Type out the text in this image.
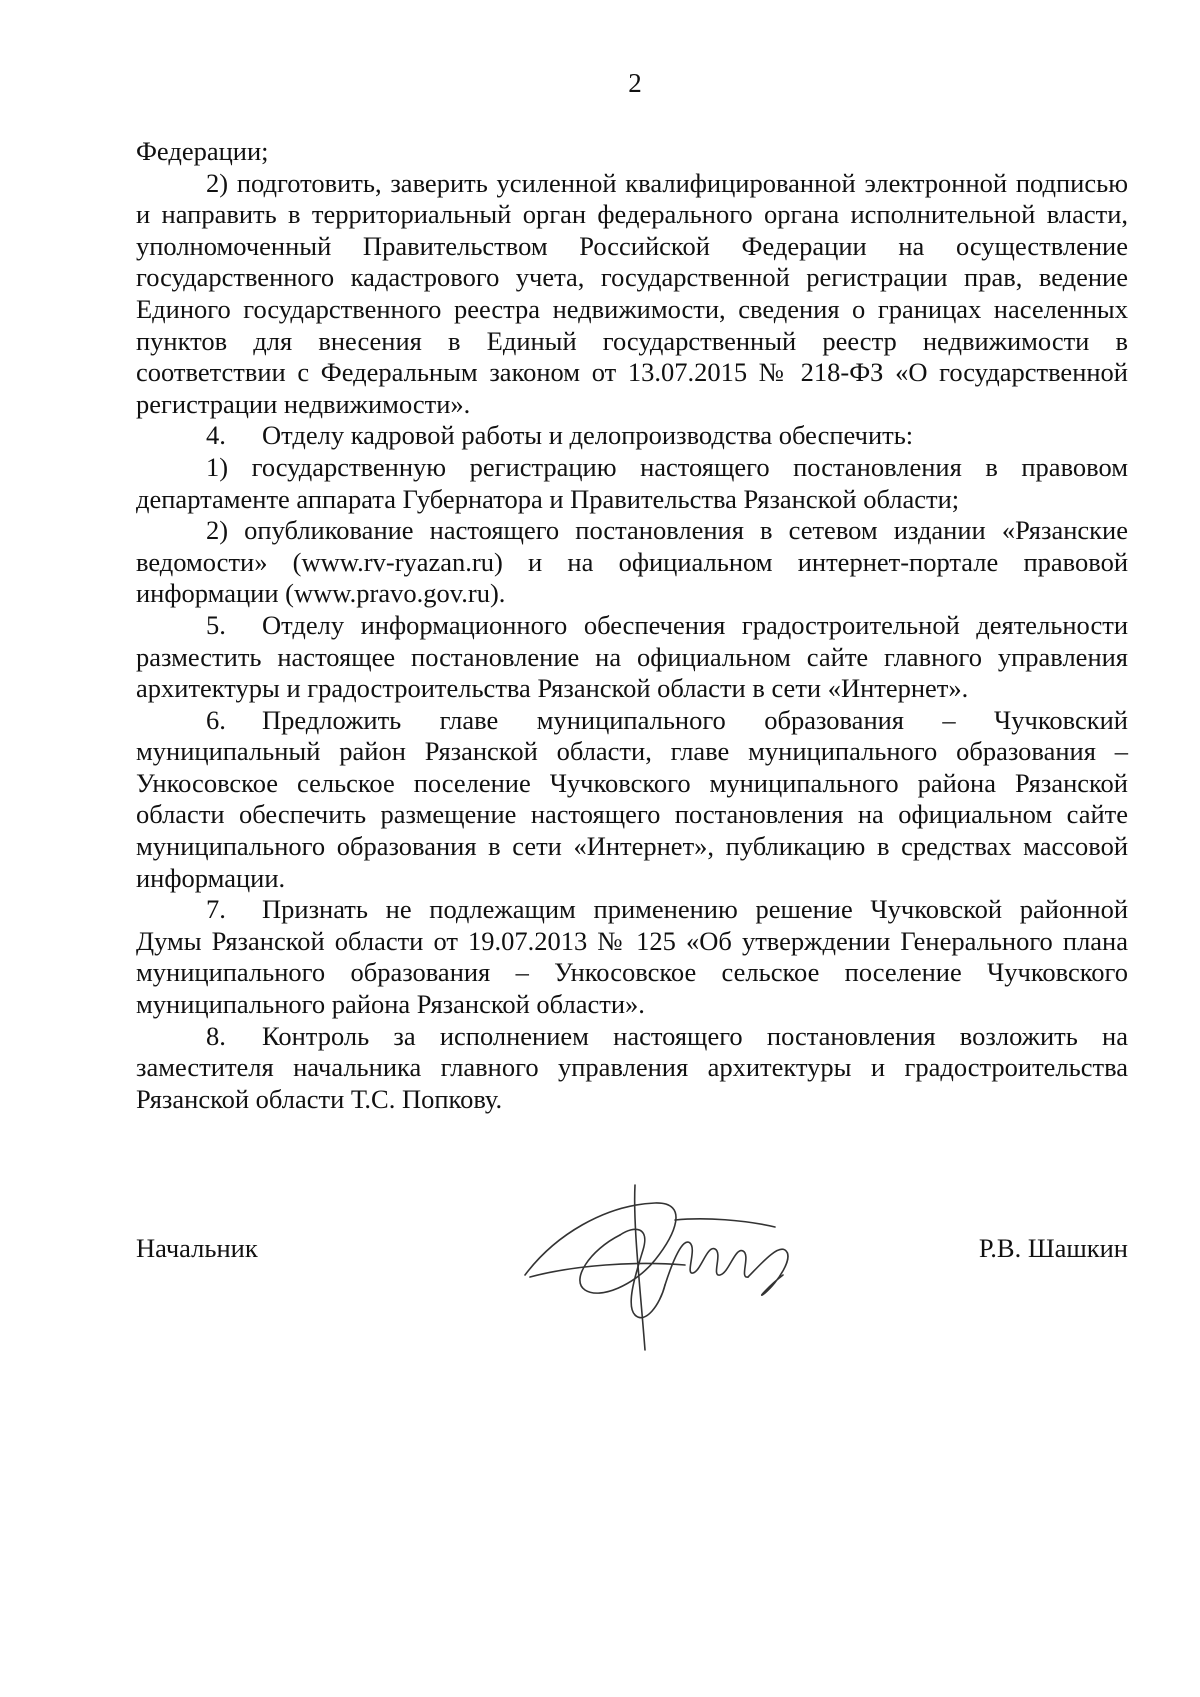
2

Федерации;

2) подготовить, заверить усиленной квалифицированной электронной подписью и направить в территориальный орган федерального органа исполнительной власти, уполномоченный Правительством Российской Федерации на осуществление государственного кадастрового учета, государственной регистрации прав, ведение Единого государственного реестра недвижимости, сведения о границах населенных пунктов для внесения в Единый государственный реестр недвижимости в соответствии с Федеральным законом от 13.07.2015 № 218-ФЗ «О государственной регистрации недвижимости».

4. Отделу кадровой работы и делопроизводства обеспечить:

1) государственную регистрацию настоящего постановления в правовом департаменте аппарата Губернатора и Правительства Рязанской области;

2) опубликование настоящего постановления в сетевом издании «Рязанские ведомости» (www.rv-ryazan.ru) и на официальном интернет-портале правовой информации (www.pravo.gov.ru).

5. Отделу информационного обеспечения градостроительной деятельности разместить настоящее постановление на официальном сайте главного управления архитектуры и градостроительства Рязанской области в сети «Интернет».

6. Предложить главе муниципального образования – Чучковский муниципальный район Рязанской области, главе муниципального образования – Ункосовское сельское поселение Чучковского муниципального района Рязанской области обеспечить размещение настоящего постановления на официальном сайте муниципального образования в сети «Интернет», публикацию в средствах массовой информации.

7. Признать не подлежащим применению решение Чучковской районной Думы Рязанской области от 19.07.2013 № 125 «Об утверждении Генерального плана муниципального образования – Ункосовское сельское поселение Чучковского муниципального района Рязанской области».

8. Контроль за исполнением настоящего постановления возложить на заместителя начальника главного управления архитектуры и градостроительства Рязанской области Т.С. Попкову.

Начальник	Р.В. Шашкин
